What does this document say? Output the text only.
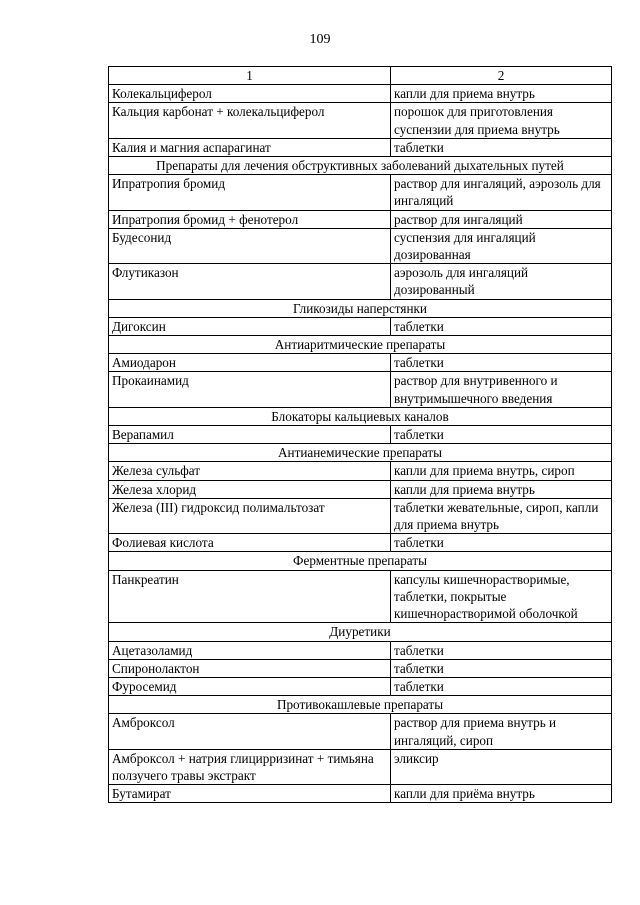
109
1	2
Колекальциферол	капли для приема внутрь
Кальция карбонат + колекальциферол	порошок для приготовления суспензии для приема внутрь
Калия и магния аспарагинат	таблетки
Препараты для лечения обструктивных заболеваний дыхательных путей	
Ипратропия бромид	раствор для ингаляций, аэрозоль для ингаляций
Ипратропия бромид + фенотерол	раствор для ингаляций
Будесонид	суспензия для ингаляций дозированная
Флутиказон	аэрозоль для ингаляций дозированный
Гликозиды наперстянки	
Дигоксин	таблетки
Антиаритмические препараты	
Амиодарон	таблетки
Прокаинамид	раствор для внутривенного и внутримышечного введения
Блокаторы кальциевых каналов	
Верапамил	таблетки
Антианемические препараты	
Железа сульфат	капли для приема внутрь, сироп
Железа хлорид	капли для приема внутрь
Железа (III) гидроксид полимальтозат	таблетки жевательные, сироп, капли для приема внутрь
Фолиевая кислота	таблетки
Ферментные препараты	
Панкреатин	капсулы кишечнорастворимые, таблетки, покрытые кишечнорастворимой оболочкой
Диуретики	
Ацетазоламид	таблетки
Спиронолактон	таблетки
Фуросемид	таблетки
Противокашлевые препараты	
Амброксол	раствор для приема внутрь и ингаляций, сироп
Амброксол + натрия глицирризинат + тимьяна ползучего травы экстракт	эликсир
Бутамират	капли для приёма внутрь
